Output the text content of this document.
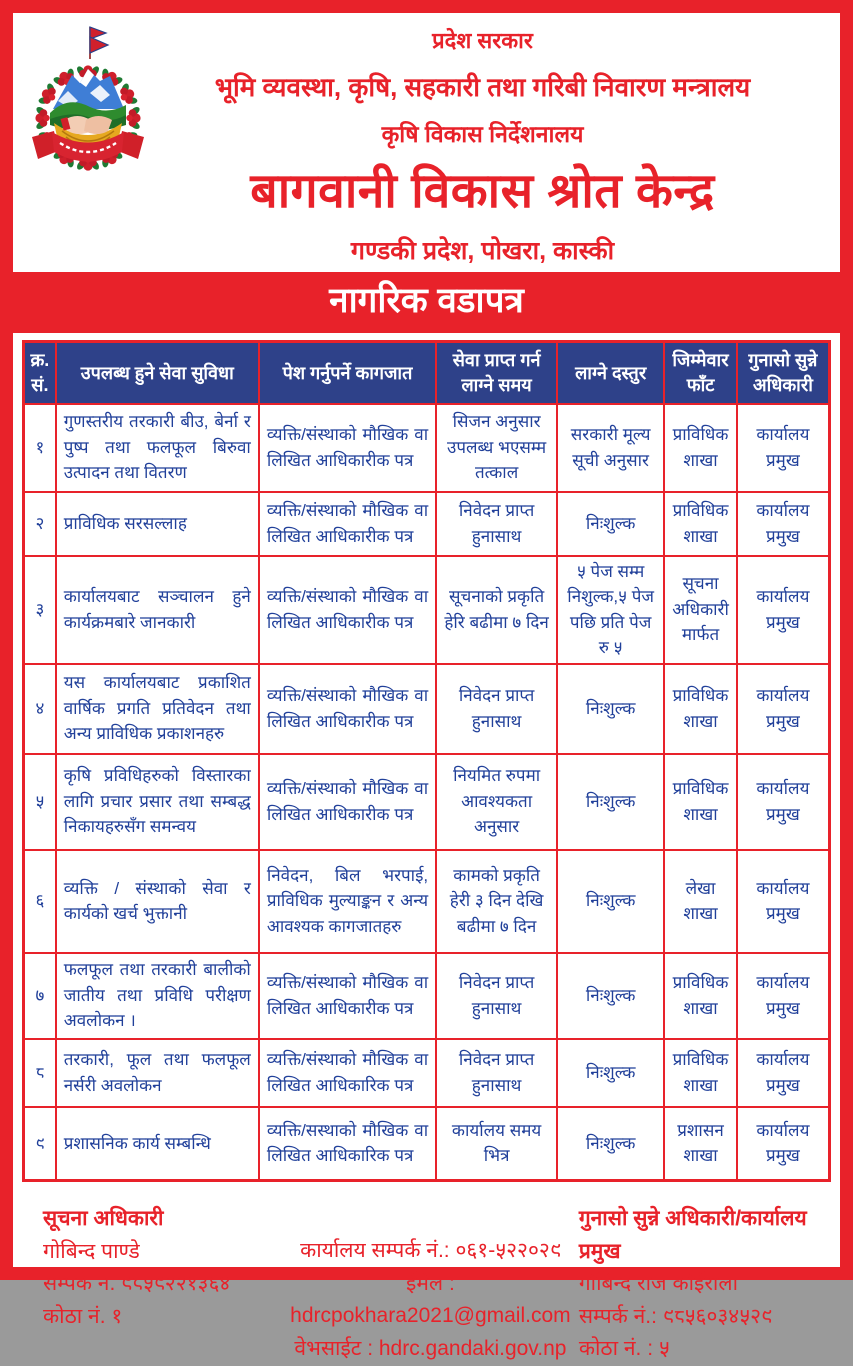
प्रदेश सरकार
भूमि व्यवस्था, कृषि, सहकारी तथा गरिबी निवारण मन्त्रालय
कृषि विकास निर्देशनालय
बागवानी विकास श्रोत केन्द्र
गण्डकी प्रदेश, पोखरा, कास्की
नागरिक वडापत्र
क्र. सं.	उपलब्ध हुने सेवा सुविधा	पेश गर्नुपर्ने कागजात	सेवा प्राप्त गर्न लाग्ने समय	लाग्ने दस्तुर	जिम्मेवार फाँट	गुनासो सुन्ने अधिकारी
१	गुणस्तरीय तरकारी बीउ, बेर्ना र पुष्प तथा फलफूल बिरुवा उत्पादन तथा वितरण	व्यक्ति/संस्थाको मौखिक वा लिखित आधिकारीक पत्र	सिजन अनुसार उपलब्ध भएसम्म तत्काल	सरकारी मूल्य सूची अनुसार	प्राविधिक शाखा	कार्यालय प्रमुख
२	प्राविधिक सरसल्लाह	व्यक्ति/संस्थाको मौखिक वा लिखित आधिकारीक पत्र	निवेदन प्राप्त हुनासाथ	निःशुल्क	प्राविधिक शाखा	कार्यालय प्रमुख
३	कार्यालयबाट सञ्चालन हुने कार्यक्रमबारे जानकारी	व्यक्ति/संस्थाको मौखिक वा लिखित आधिकारीक पत्र	सूचनाको प्रकृति हेरि बढीमा ७ दिन	५ पेज सम्म निशुल्क,५ पेज पछि प्रति पेज रु ५	सूचना अधिकारी मार्फत	कार्यालय प्रमुख
४	यस कार्यालयबाट प्रकाशित वार्षिक प्रगति प्रतिवेदन तथा अन्य प्राविधिक प्रकाशनहरु	व्यक्ति/संस्थाको मौखिक वा लिखित आधिकारीक पत्र	निवेदन प्राप्त हुनासाथ	निःशुल्क	प्राविधिक शाखा	कार्यालय प्रमुख
५	कृषि प्रविधिहरुको विस्तारका लागि प्रचार प्रसार तथा सम्बद्ध निकायहरुसँग समन्वय	व्यक्ति/संस्थाको मौखिक वा लिखित आधिकारीक पत्र	नियमित रुपमा आवश्यकता अनुसार	निःशुल्क	प्राविधिक शाखा	कार्यालय प्रमुख
६	व्यक्ति / संस्थाको सेवा र कार्यको खर्च भुक्तानी	निवेदन, बिल भरपाई, प्राविधिक मुल्याङ्कन र अन्य आवश्यक कागजातहरु	कामको प्रकृति हेरी ३ दिन देखि बढीमा ७ दिन	निःशुल्क	लेखा शाखा	कार्यालय प्रमुख
७	फलफूल तथा तरकारी बालीको जातीय तथा प्रविधि परीक्षण अवलोकन ।	व्यक्ति/संस्थाको मौखिक वा लिखित आधिकारीक पत्र	निवेदन प्राप्त हुनासाथ	निःशुल्क	प्राविधिक शाखा	कार्यालय प्रमुख
८	तरकारी, फूल तथा फलफूल नर्सरी अवलोकन	व्यक्ति/संस्थाको मौखिक वा लिखित आधिकारिक पत्र	निवेदन प्राप्त हुनासाथ	निःशुल्क	प्राविधिक शाखा	कार्यालय प्रमुख
९	प्रशासनिक कार्य सम्बन्धि	व्यक्ति/सस्थाको मौखिक वा लिखित आधिकारिक पत्र	कार्यालय समय भित्र	निःशुल्क	प्रशासन शाखा	कार्यालय प्रमुख
सूचना अधिकारी
गोबिन्द पाण्डे
सम्पर्क नं. ९८५९२२१३६४
कोठा नं. १
कार्यालय सम्पर्क नं.: ०६१-५२२०२९
ईमेल : hdrcpokhara2021@gmail.com
वेभसाईट : hdrc.gandaki.gov.np
गुनासो सुन्ने अधिकारी/कार्यालय प्रमुख
गोबिन्द राज कोईराला
सम्पर्क नं.: ९८५६०३४५२९
कोठा नं. : ५
